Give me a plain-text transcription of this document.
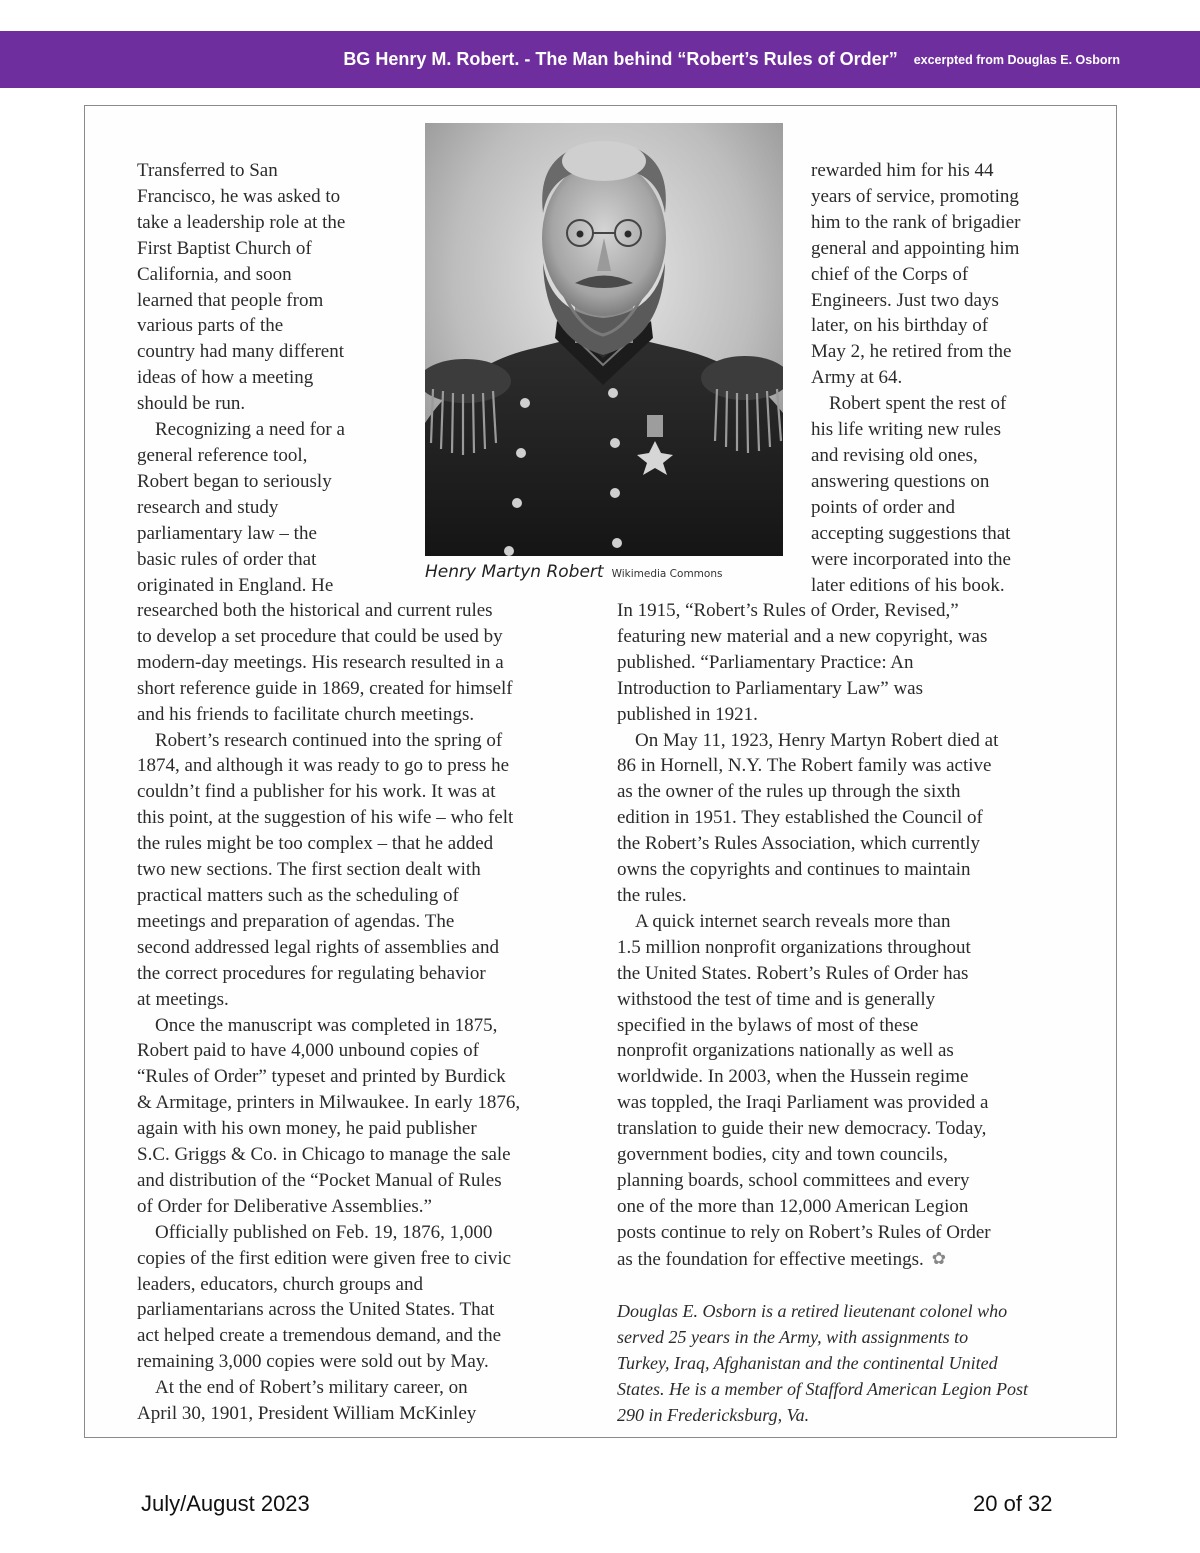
BG Henry M. Robert. - The Man behind “Robert’s Rules of Order” excerpted from Douglas E. Osborn
Transferred to San
Francisco, he was asked to
take a leadership role at the
First Baptist Church of
California, and soon
learned that people from
various parts of the
country had many different
ideas of how a meeting
should be run.
Recognizing a need for a
general reference tool,
Robert began to seriously
research and study
parliamentary law – the
basic rules of order that
originated in England. He
researched both the historical and current rules
to develop a set procedure that could be used by
modern-day meetings. His research resulted in a
short reference guide in 1869, created for himself
and his friends to facilitate church meetings.
Robert’s research continued into the spring of
1874, and although it was ready to go to press he
couldn’t find a publisher for his work. It was at
this point, at the suggestion of his wife – who felt
the rules might be too complex – that he added
two new sections. The first section dealt with
practical matters such as the scheduling of
meetings and preparation of agendas. The
second addressed legal rights of assemblies and
the correct procedures for regulating behavior
at meetings.
Once the manuscript was completed in 1875,
Robert paid to have 4,000 unbound copies of
“Rules of Order” typeset and printed by Burdick
& Armitage, printers in Milwaukee. In early 1876,
again with his own money, he paid publisher
S.C. Griggs & Co. in Chicago to manage the sale
and distribution of the “Pocket Manual of Rules
of Order for Deliberative Assemblies.”
Officially published on Feb. 19, 1876, 1,000
copies of the first edition were given free to civic
leaders, educators, church groups and
parliamentarians across the United States. That
act helped create a tremendous demand, and the
remaining 3,000 copies were sold out by May.
At the end of Robert’s military career, on
April 30, 1901, President William McKinley
Henry Martyn Robert Wikimedia Commons
rewarded him for his 44
years of service, promoting
him to the rank of brigadier
general and appointing him
chief of the Corps of
Engineers. Just two days
later, on his birthday of
May 2, he retired from the
Army at 64.
Robert spent the rest of
his life writing new rules
and revising old ones,
answering questions on
points of order and
accepting suggestions that
were incorporated into the
later editions of his book.
In 1915, “Robert’s Rules of Order, Revised,”
featuring new material and a new copyright, was
published. “Parliamentary Practice: An
Introduction to Parliamentary Law” was
published in 1921.
On May 11, 1923, Henry Martyn Robert died at
86 in Hornell, N.Y. The Robert family was active
as the owner of the rules up through the sixth
edition in 1951. They established the Council of
the Robert’s Rules Association, which currently
owns the copyrights and continues to maintain
the rules.
A quick internet search reveals more than
1.5 million nonprofit organizations throughout
the United States. Robert’s Rules of Order has
withstood the test of time and is generally
specified in the bylaws of most of these
nonprofit organizations nationally as well as
worldwide. In 2003, when the Hussein regime
was toppled, the Iraqi Parliament was provided a
translation to guide their new democracy. Today,
government bodies, city and town councils,
planning boards, school committees and every
one of the more than 12,000 American Legion
posts continue to rely on Robert’s Rules of Order
as the foundation for effective meetings. ✿
Douglas E. Osborn is a retired lieutenant colonel who
served 25 years in the Army, with assignments to
Turkey, Iraq, Afghanistan and the continental United
States. He is a member of Stafford American Legion Post
290 in Fredericksburg, Va.
July/August 2023	20 of 32
